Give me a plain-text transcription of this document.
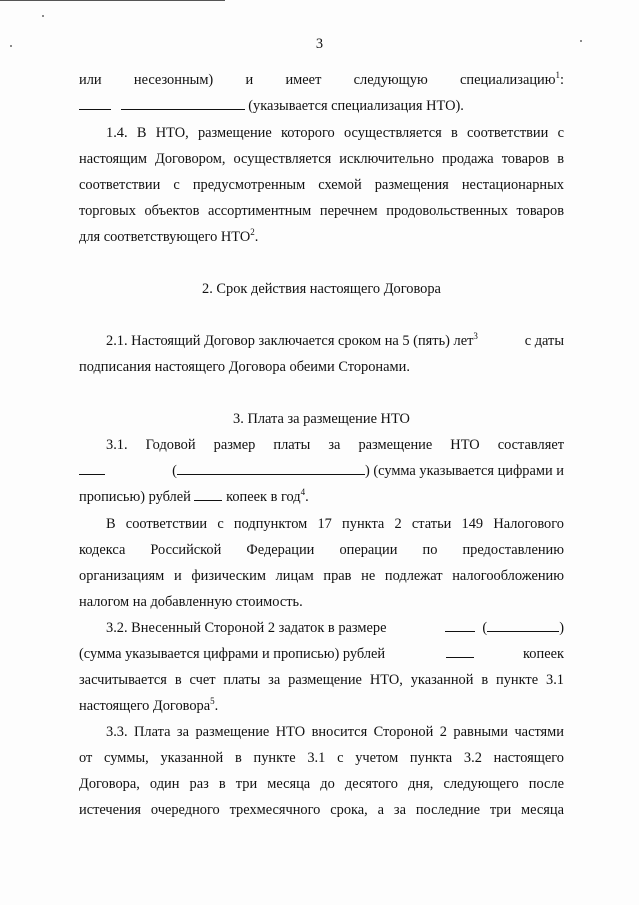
3
или несезонным) и имеет следующую специализацию$^1$:
(указывается специализация НТО).
1.4. В НТО, размещение которого осуществляется в соответствии с
настоящим Договором, осуществляется исключительно продажа товаров в
соответствии с предусмотренным схемой размещения нестационарных
торговых объектов ассортиментным перечнем продовольственных товаров
для соответствующего НТО$^2$.
2. Срок действия настоящего Договора
2.1. Настоящий Договор заключается сроком на 5 (пять) лет$^3$	с даты
подписания настоящего Договора обеими Сторонами.
3. Плата за размещение НТО
3.1. Годовой размер платы за размещение НТО составляет
(	) (сумма указывается цифрами и
прописью) рублей копеек в год$^4$.
В соответствии с подпунктом 17 пункта 2 статьи 149 Налогового
кодекса Российской Федерации операции по предоставлению
организациям и физическим лицам прав не подлежат налогообложению
налогом на добавленную стоимость.
3.2. Внесенный Стороной 2 задаток в размере	(	)
(сумма указывается цифрами и прописью) рублей	копеек
засчитывается в счет платы за размещение НТО, указанной в пункте 3.1
настоящего Договора$^5$.
3.3. Плата за размещение НТО вносится Стороной 2 равными частями
от суммы, указанной в пункте 3.1 с учетом пункта 3.2 настоящего
Договора, один раз в три месяца до десятого дня, следующего после
истечения очередного трехмесячного срока, а за последние три месяца
